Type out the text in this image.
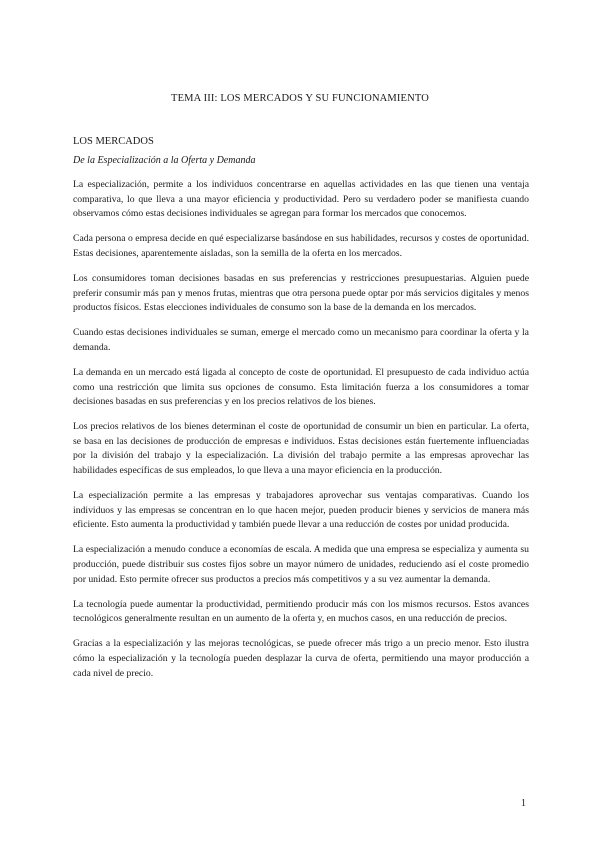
TEMA III: LOS MERCADOS Y SU FUNCIONAMIENTO
LOS MERCADOS
De la Especialización a la Oferta y Demanda

La especialización, permite a los individuos concentrarse en aquellas actividades en las que tienen una ventaja comparativa, lo que lleva a una mayor eficiencia y productividad. Pero su verdadero poder se manifiesta cuando observamos cómo estas decisiones individuales se agregan para formar los mercados que conocemos.

Cada persona o empresa decide en qué especializarse basándose en sus habilidades, recursos y costes de oportunidad. Estas decisiones, aparentemente aisladas, son la semilla de la oferta en los mercados.

Los consumidores toman decisiones basadas en sus preferencias y restricciones presupuestarias. Alguien puede preferir consumir más pan y menos frutas, mientras que otra persona puede optar por más servicios digitales y menos productos físicos. Estas elecciones individuales de consumo son la base de la demanda en los mercados.

Cuando estas decisiones individuales se suman, emerge el mercado como un mecanismo para coordinar la oferta y la demanda.

La demanda en un mercado está ligada al concepto de coste de oportunidad. El presupuesto de cada individuo actúa como una restricción que limita sus opciones de consumo. Esta limitación fuerza a los consumidores a tomar decisiones basadas en sus preferencias y en los precios relativos de los bienes.

Los precios relativos de los bienes determinan el coste de oportunidad de consumir un bien en particular. La oferta, se basa en las decisiones de producción de empresas e individuos. Estas decisiones están fuertemente influenciadas por la división del trabajo y la especialización. La división del trabajo permite a las empresas aprovechar las habilidades específicas de sus empleados, lo que lleva a una mayor eficiencia en la producción.

La especialización permite a las empresas y trabajadores aprovechar sus ventajas comparativas. Cuando los individuos y las empresas se concentran en lo que hacen mejor, pueden producir bienes y servicios de manera más eficiente. Esto aumenta la productividad y también puede llevar a una reducción de costes por unidad producida.

La especialización a menudo conduce a economías de escala. A medida que una empresa se especializa y aumenta su producción, puede distribuir sus costes fijos sobre un mayor número de unidades, reduciendo así el coste promedio por unidad. Esto permite ofrecer sus productos a precios más competitivos y a su vez aumentar la demanda.

La tecnología puede aumentar la productividad, permitiendo producir más con los mismos recursos. Estos avances tecnológicos generalmente resultan en un aumento de la oferta y, en muchos casos, en una reducción de precios.

Gracias a la especialización y las mejoras tecnológicas, se puede ofrecer más trigo a un precio menor. Esto ilustra cómo la especialización y la tecnología pueden desplazar la curva de oferta, permitiendo una mayor producción a cada nivel de precio.

1
